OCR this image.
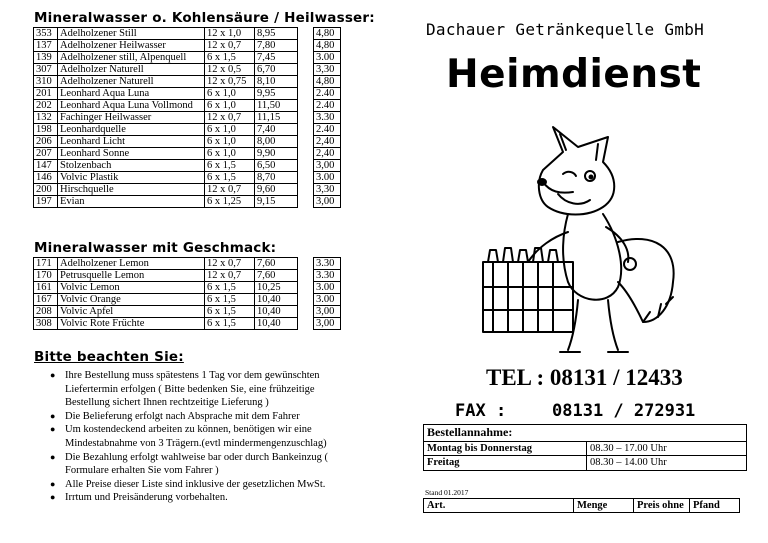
Mineralwasser o. Kohlensäure / Heilwasser:
353	Adelholzener Still	12 x 1,0	8,95		4,80
137	Adelholzener Heilwasser	12 x 0,7	7,80		4,80
139	Adelholzener still, Alpenquell	6 x 1,5	7,45		3.00
307	Adelholzer Naturell	12 x 0,5	6,70		3,30
310	Adelholzener Naturell	12 x 0,75	8,10		4,80
201	Leonhard Aqua Luna	6 x 1,0	9,95		2.40
202	Leonhard Aqua Luna Vollmond	6 x 1,0	11,50		2.40
132	Fachinger Heilwasser	12 x 0,7	11,15		3.30
198	Leonhardquelle	6 x 1,0	7,40		2.40
206	Leonhard Licht	6 x 1,0	8,00		2,40
207	Leonhard Sonne	6 x 1,0	9,90		2,40
147	Stolzenbach	6 x 1,5	6,50		3,00
146	Volvic Plastik	6 x 1,5	8,70		3.00
200	Hirschquelle	12 x 0,7	9,60		3,30
197	Evian	6 x 1,25	9,15		3,00
Mineralwasser mit Geschmack:
171	Adelholzener Lemon	12 x 0,7	7,60		3.30
170	Petrusquelle Lemon	12 x 0,7	7,60		3.30
161	Volvic Lemon	6 x 1,5	10,25		3.00
167	Volvic Orange	6 x 1,5	10,40		3.00
208	Volvic Apfel	6 x 1,5	10,40		3,00
308	Volvic Rote Früchte	6 x 1,5	10,40		3,00
Bitte beachten Sie:
● Ihre Bestellung muss spätestens 1 Tag vor dem gewünschten Liefertermin erfolgen ( Bitte bedenken Sie, eine frühzeitige Bestellung sichert Ihnen rechtzeitige Lieferung )
● Die Belieferung erfolgt nach Absprache mit dem Fahrer
● Um kostendeckend arbeiten zu können, benötigen wir eine Mindestabnahme von 3 Trägern.(evtl mindermengenzuschlag)
● Die Bezahlung erfolgt wahlweise bar oder durch Bankeinzug ( Formulare erhalten Sie vom Fahrer )
● Alle Preise dieser Liste sind inklusive der gesetzlichen MwSt.
● Irrtum und Preisänderung vorbehalten.
Dachauer Getränkequelle GmbH
Heimdienst
TEL : 08131 / 12433
FAX :	08131 / 272931
Bestellannahme:	
Montag bis Donnerstag	08.30 – 17.00 Uhr
Freitag	08.30 – 14.00 Uhr
Stand 01.2017
Art.	Menge	Preis ohne	Pfand
